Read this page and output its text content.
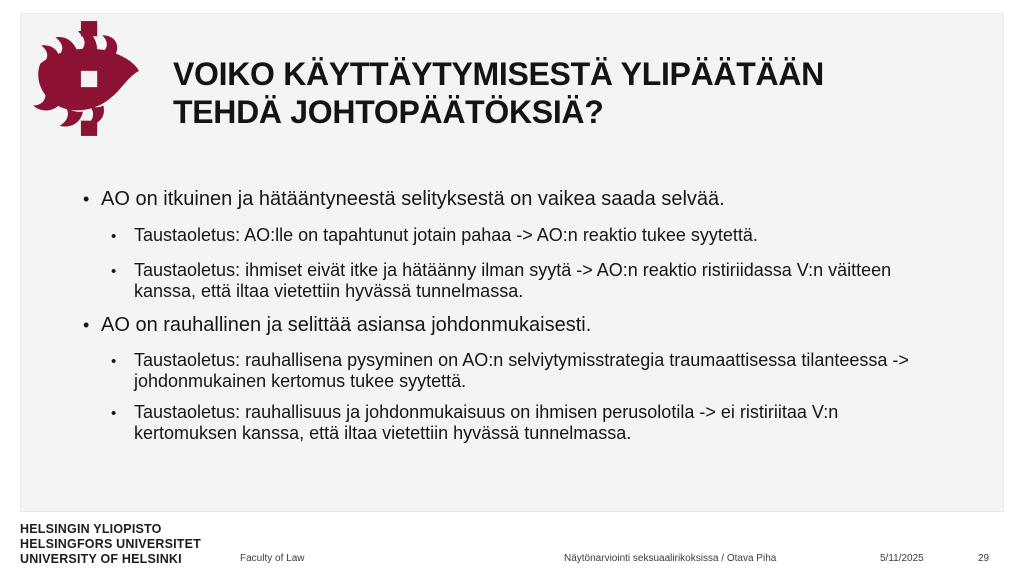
VOIKO KÄYTTÄYTYMISESTÄ YLIPÄÄTÄÄN
TEHDÄ JOHTOPÄÄTÖKSIÄ?
• AO on itkuinen ja hätääntyneestä selityksestä on vaikea saada selvää.
• Taustaoletus: AO:lle on tapahtunut jotain pahaa -> AO:n reaktio tukee syytettä.
• Taustaoletus: ihmiset eivät itke ja hätäänny ilman syytä -> AO:n reaktio ristiriidassa V:n väitteen kanssa, että iltaa vietettiin hyvässä tunnelmassa.
• AO on rauhallinen ja selittää asiansa johdonmukaisesti.
• Taustaoletus: rauhallisena pysyminen on AO:n selviytymisstrategia traumaattisessa tilanteessa -> johdonmukainen kertomus tukee syytettä.
• Taustaoletus: rauhallisuus ja johdonmukaisuus on ihmisen perusolotila -> ei ristiriitaa V:n kertomuksen kanssa, että iltaa vietettiin hyvässä tunnelmassa.
HELSINGIN YLIOPISTO
HELSINGFORS UNIVERSITET
UNIVERSITY OF HELSINKI	Faculty of Law	Näytönarviointi seksuaalirikoksissa / Otava Piha	5/11/2025	29
